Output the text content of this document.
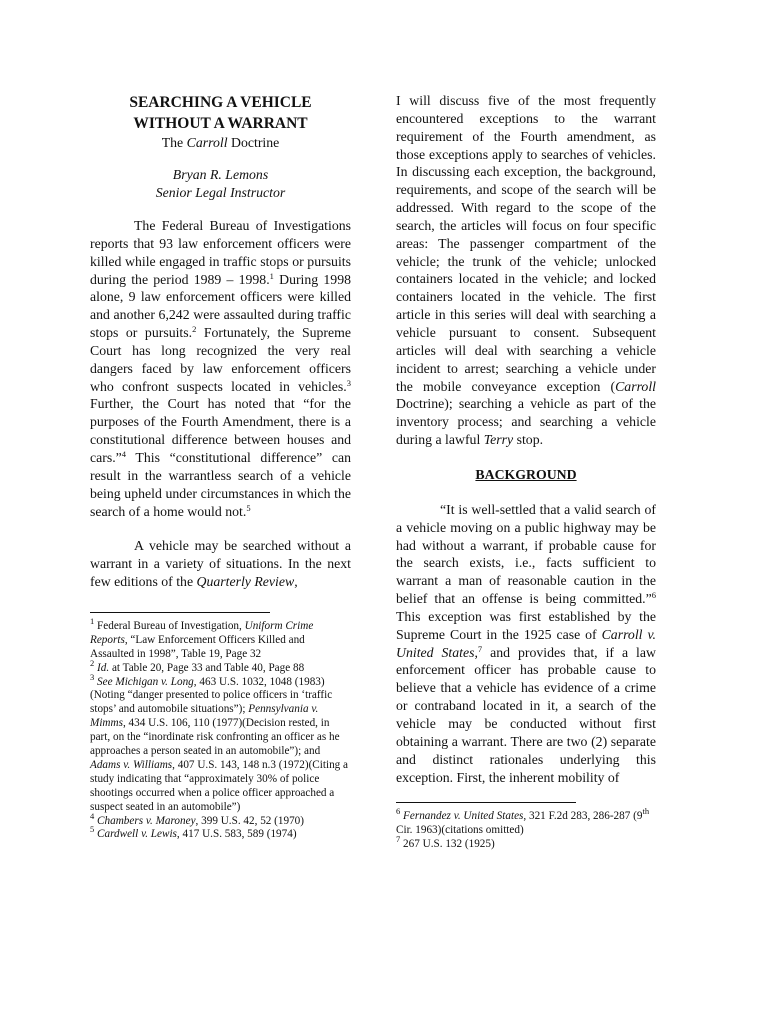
SEARCHING A VEHICLE
WITHOUT A WARRANT
The Carroll Doctrine
Bryan R. Lemons
Senior Legal Instructor

The Federal Bureau of Investigations reports that 93 law enforcement officers were killed while engaged in traffic stops or pursuits during the period 1989 – 1998.$^1$ During 1998 alone, 9 law enforcement officers were killed and another 6,242 were assaulted during traffic stops or pursuits.$^2$ Fortunately, the Supreme Court has long recognized the very real dangers faced by law enforcement officers who confront suspects located in vehicles.$^3$ Further, the Court has noted that “for the purposes of the Fourth Amendment, there is a constitutional difference between houses and cars.”$^4$ This “constitutional difference” can result in the warrantless search of a vehicle being upheld under circumstances in which the search of a home would not.$^5$

A vehicle may be searched without a warrant in a variety of situations. In the next few editions of the Quarterly Review,

$^1$ Federal Bureau of Investigation, Uniform Crime Reports, “Law Enforcement Officers Killed and Assaulted in 1998”, Table 19, Page 32

$^2$ Id. at Table 20, Page 33 and Table 40, Page 88

$^3$ See Michigan v. Long, 463 U.S. 1032, 1048 (1983)(Noting “danger presented to police officers in ‘traffic stops’ and automobile situations”); Pennsylvania v. Mimms, 434 U.S. 106, 110 (1977)(Decision rested, in part, on the “inordinate risk confronting an officer as he approaches a person seated in an automobile”); and Adams v. Williams, 407 U.S. 143, 148 n.3 (1972)(Citing a study indicating that “approximately 30% of police shootings occurred when a police officer approached a suspect seated in an automobile”)

$^4$ Chambers v. Maroney, 399 U.S. 42, 52 (1970)

$^5$ Cardwell v. Lewis, 417 U.S. 583, 589 (1974)

I will discuss five of the most frequently encountered exceptions to the warrant requirement of the Fourth amendment, as those exceptions apply to searches of vehicles. In discussing each exception, the background, requirements, and scope of the search will be addressed. With regard to the scope of the search, the articles will focus on four specific areas: The passenger compartment of the vehicle; the trunk of the vehicle; unlocked containers located in the vehicle; and locked containers located in the vehicle. The first article in this series will deal with searching a vehicle pursuant to consent. Subsequent articles will deal with searching a vehicle incident to arrest; searching a vehicle under the mobile conveyance exception (Carroll Doctrine); searching a vehicle as part of the inventory process; and searching a vehicle during a lawful Terry stop.

BACKGROUND

“It is well-settled that a valid search of a vehicle moving on a public highway may be had without a warrant, if probable cause for the search exists, i.e., facts sufficient to warrant a man of reasonable caution in the belief that an offense is being committed.”$^6$ This exception was first established by the Supreme Court in the 1925 case of Carroll v. United States,$^7$ and provides that, if a law enforcement officer has probable cause to believe that a vehicle has evidence of a crime or contraband located in it, a search of the vehicle may be conducted without first obtaining a warrant. There are two (2) separate and distinct rationales underlying this exception. First, the inherent mobility of

$^6$ Fernandez v. United States, 321 F.2d 283, 286-287 (9th Cir. 1963)(citations omitted)

$^7$ 267 U.S. 132 (1925)
